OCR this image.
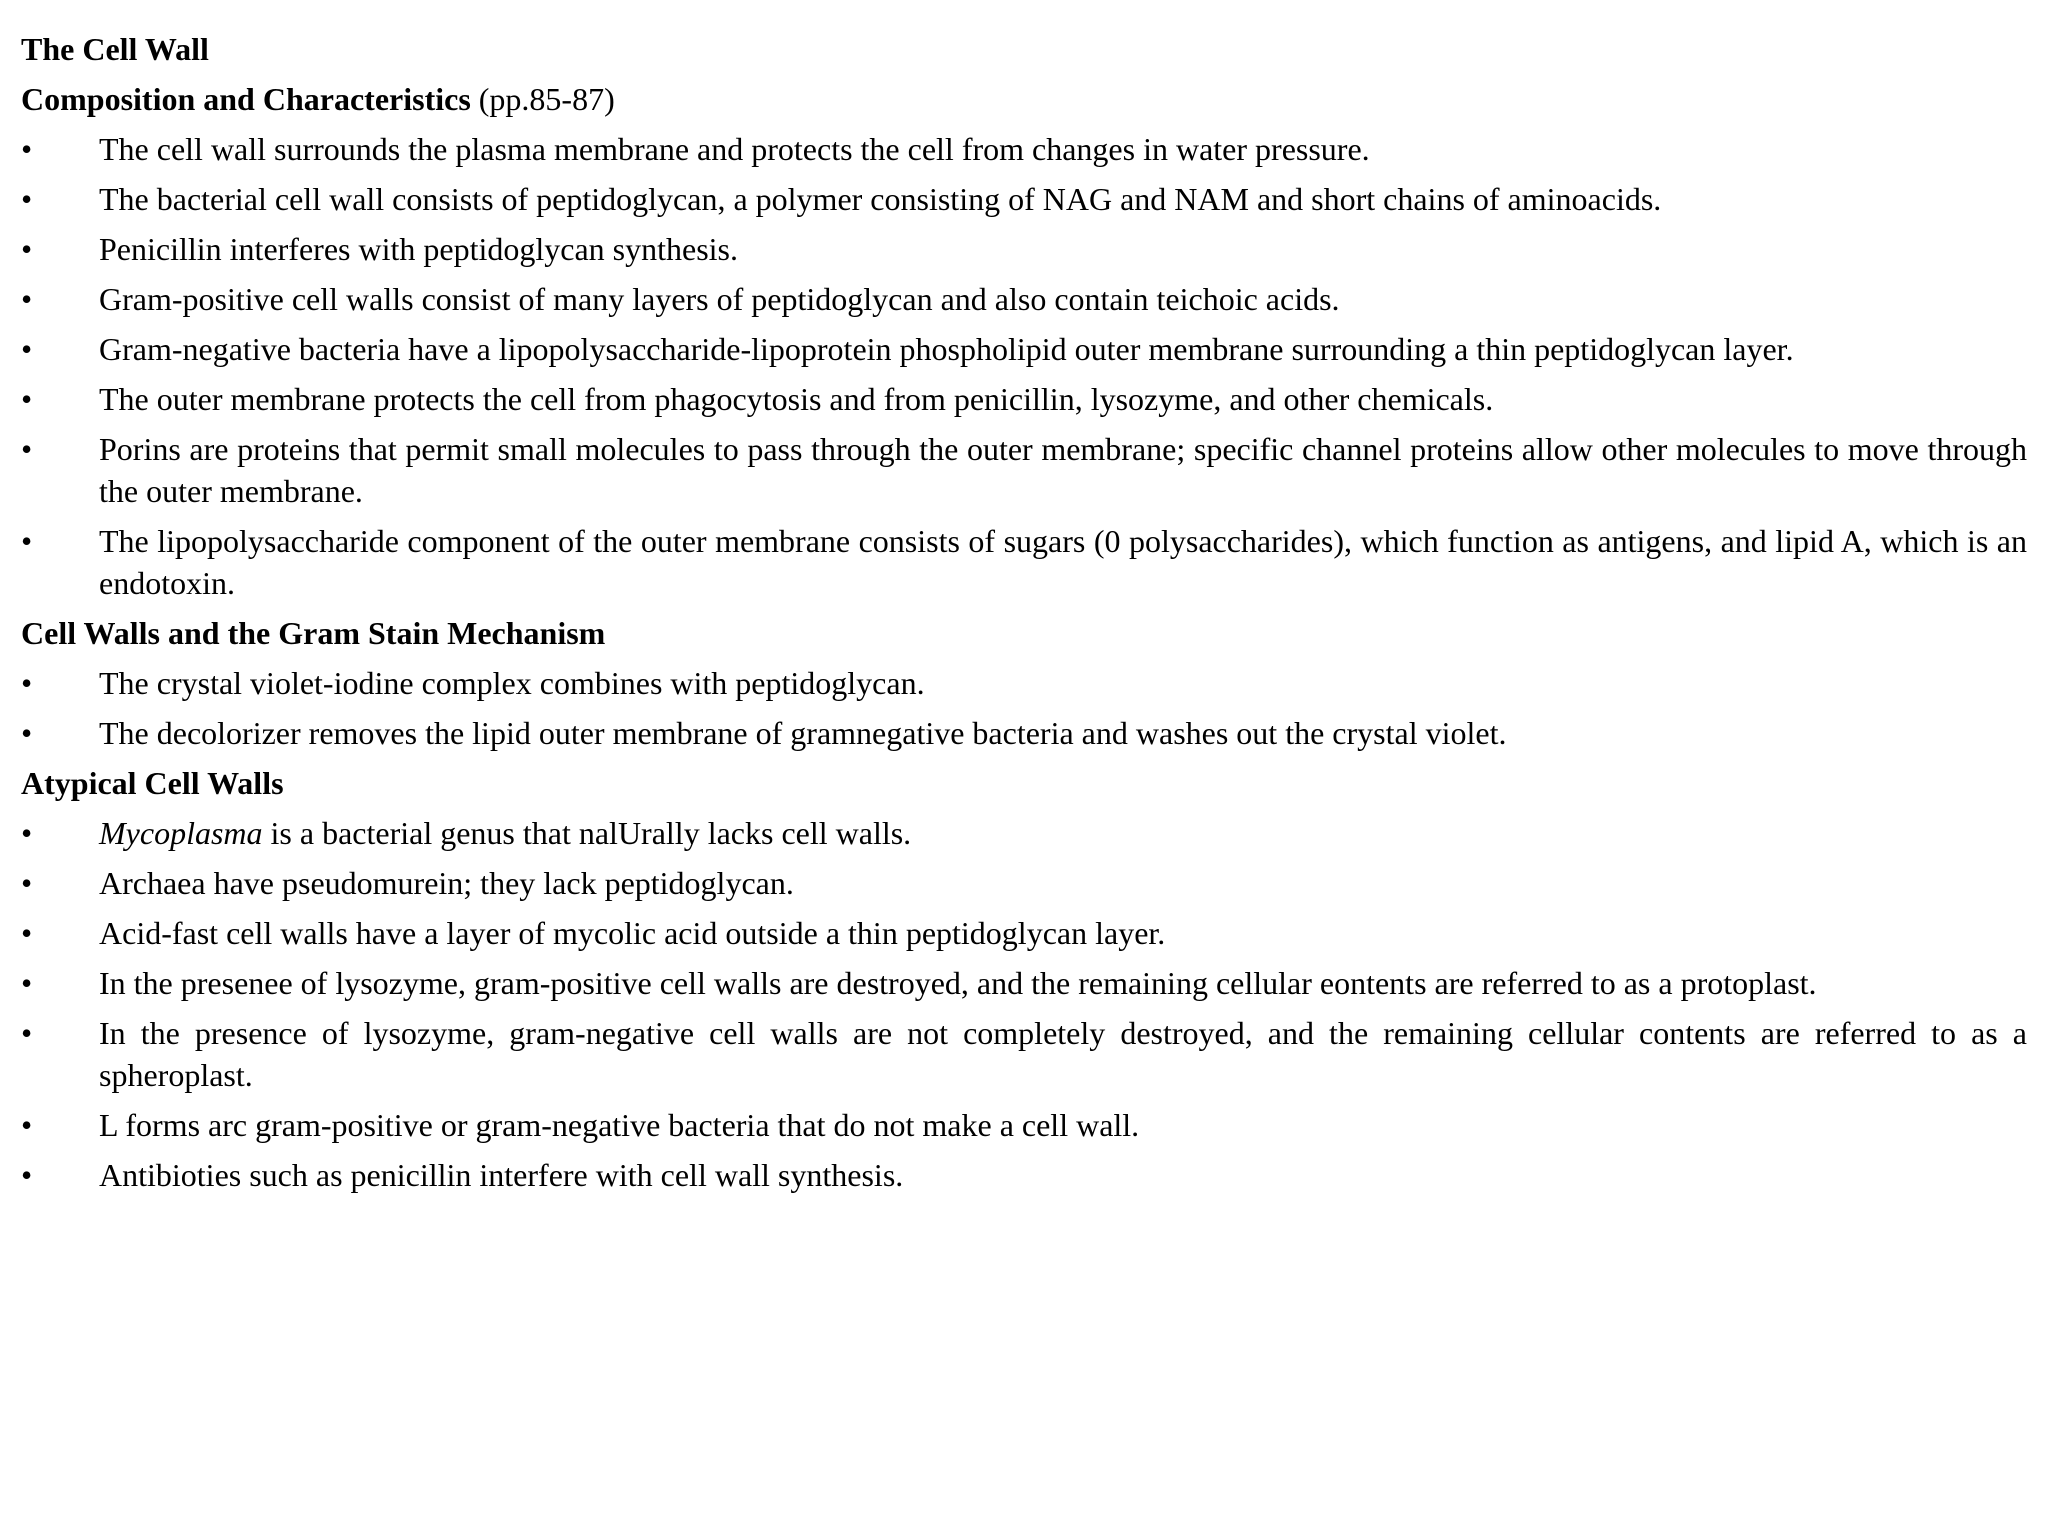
The Cell Wall
Composition and Characteristics (pp.85-87)
•	The cell wall surrounds the plasma membrane and protects the cell from changes in water pressure.
•	The bacterial cell wall consists of peptidoglycan, a polymer consisting of NAG and NAM and short chains of aminoacids.
•	Penicillin interferes with peptidoglycan synthesis.
•	Gram-positive cell walls consist of many layers of peptidoglycan and also contain teichoic acids.
•	Gram-negative bacteria have a lipopolysaccharide-lipoprotein phospholipid outer membrane surrounding a thin peptidoglycan layer.
•	The outer membrane protects the cell from phagocytosis and from penicillin, lysozyme, and other chemicals.
•	Porins are proteins that permit small molecules to pass through the outer membrane; specific channel proteins allow other molecules to move through the outer membrane.
•	The lipopolysaccharide component of the outer membrane consists of sugars (0 polysaccharides), which function as antigens, and lipid A, which is an endotoxin.
Cell Walls and the Gram Stain Mechanism
•	The crystal violet-iodine complex combines with peptidoglycan.
•	The decolorizer removes the lipid outer membrane of gramnegative bacteria and washes out the crystal violet.
Atypical Cell Walls
•	Mycoplasma is a bacterial genus that nalUrally lacks cell walls.
•	Archaea have pseudomurein; they lack peptidoglycan.
•	Acid-fast cell walls have a layer of mycolic acid outside a thin peptidoglycan layer.
•	In the presenee of lysozyme, gram-positive cell walls are destroyed, and the remaining cellular eontents are referred to as a protoplast.
•	In the presence of lysozyme, gram-negative cell walls are not completely destroyed, and the remaining cellular contents are referred to as a spheroplast.
•	L forms arc gram-positive or gram-negative bacteria that do not make a cell wall.
•	Antibioties such as penicillin interfere with cell wall synthesis.
